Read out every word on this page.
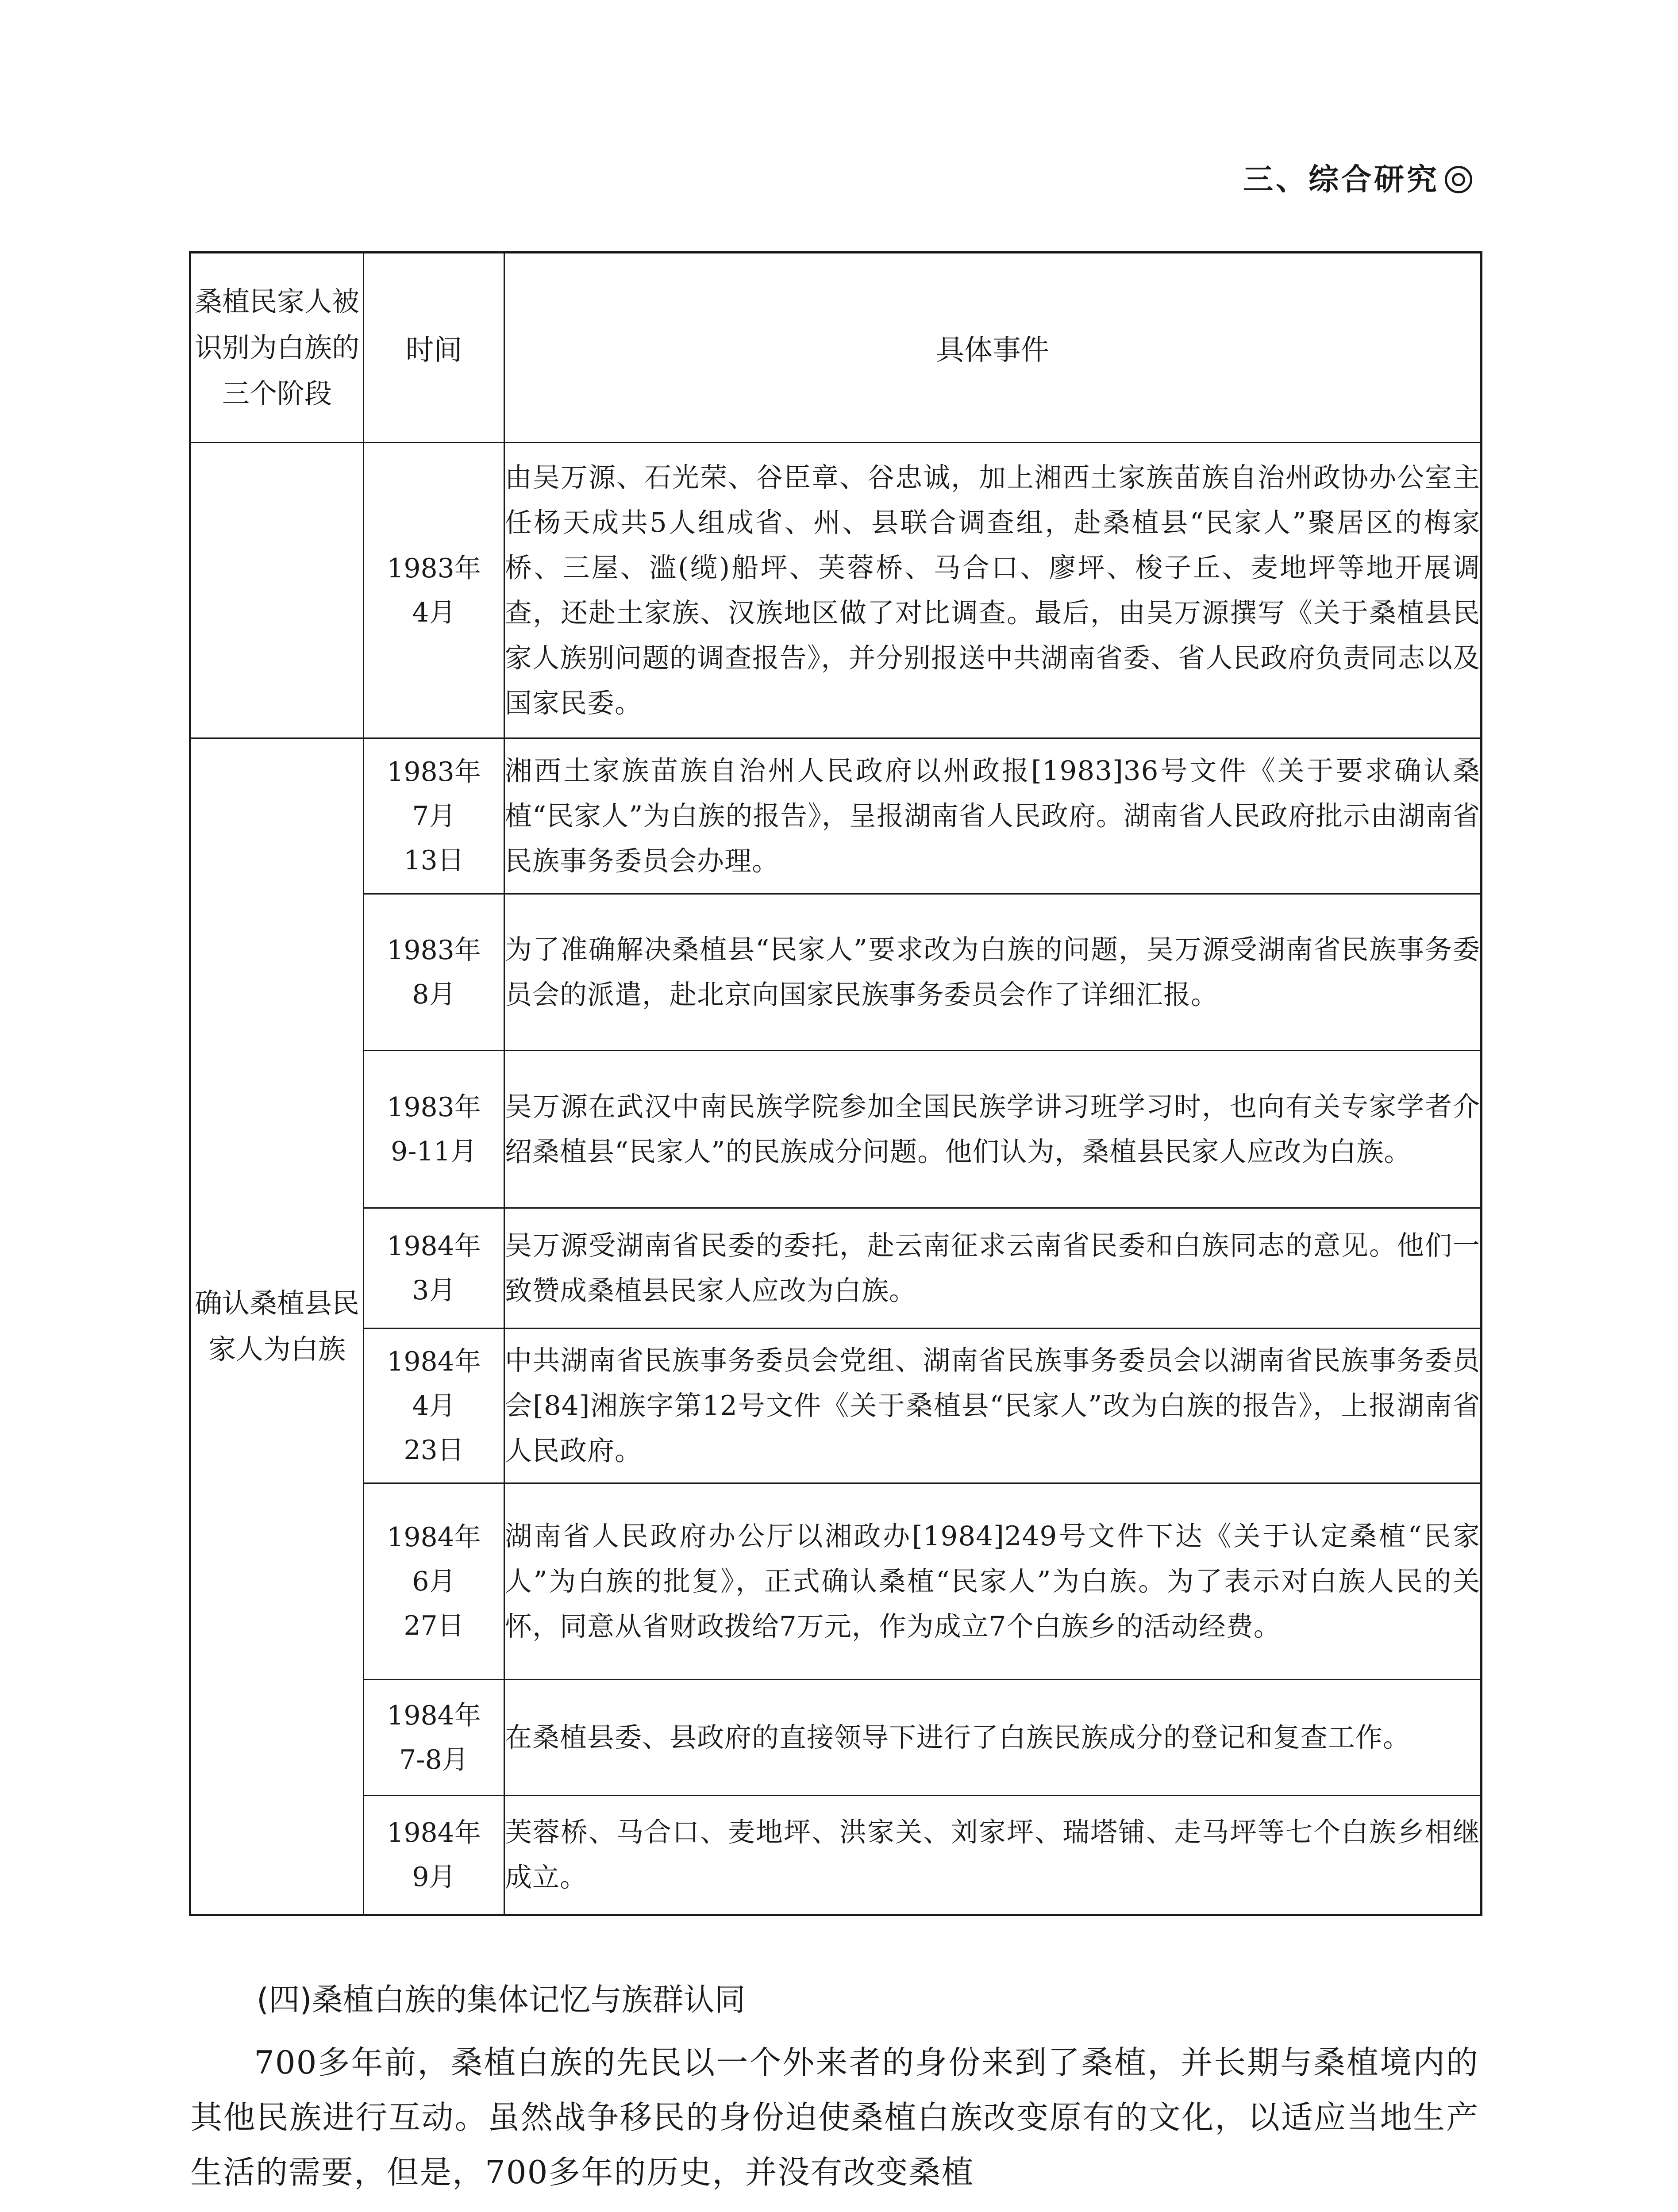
三、综合研究
桑植民家人被识别为白族的三个阶段	时间	具体事件

	1983年
4月	由吴万源、石光荣、谷臣章、谷忠诚，加上湘西土家族苗族自治州政协办公室主任杨天成共5人组成省、州、县联合调查组，赴桑植县“民家人”聚居区的梅家桥、三屋、滥(缆)船坪、芙蓉桥、马合口、廖坪、梭子丘、麦地坪等地开展调查，还赴土家族、汉族地区做了对比调查。最后，由吴万源撰写《关于桑植县民家人族别问题的调查报告》，并分别报送中共湖南省委、省人民政府负责同志以及国家民委。
确认桑植县民家人为白族	1983年
7月
13日	湘西土家族苗族自治州人民政府以州政报[1983]36号文件《关于要求确认桑植“民家人”为白族的报告》，呈报湖南省人民政府。湖南省人民政府批示由湖南省民族事务委员会办理。

	1983年
8月	为了准确解决桑植县“民家人”要求改为白族的问题，吴万源受湖南省民族事务委员会的派遣，赴北京向国家民族事务委员会作了详细汇报。

	1983年
9-11月	吴万源在武汉中南民族学院参加全国民族学讲习班学习时，也向有关专家学者介绍桑植县“民家人”的民族成分问题。他们认为，桑植县民家人应改为白族。

	1984年
3月	吴万源受湖南省民委的委托，赴云南征求云南省民委和白族同志的意见。他们一致赞成桑植县民家人应改为白族。

	1984年
4月
23日	中共湖南省民族事务委员会党组、湖南省民族事务委员会以湖南省民族事务委员会[84]湘族字第12号文件《关于桑植县“民家人”改为白族的报告》，上报湖南省人民政府。

	1984年
6月
27日	湖南省人民政府办公厅以湘政办[1984]249号文件下达《关于认定桑植“民家人”为白族的批复》，正式确认桑植“民家人”为白族。为了表示对白族人民的关怀，同意从省财政拨给7万元，作为成立7个白族乡的活动经费。

	1984年
7-8月	在桑植县委、县政府的直接领导下进行了白族民族成分的登记和复查工作。

	1984年
9月	芙蓉桥、马合口、麦地坪、洪家关、刘家坪、瑞塔铺、走马坪等七个白族乡相继成立。
(四)桑植白族的集体记忆与族群认同

700多年前，桑植白族的先民以一个外来者的身份来到了桑植，并长期与桑植境内的其他民族进行互动。虽然战争移民的身份迫使桑植白族改变原有的文化，以适应当地生产生活的需要，但是，700多年的历史，并没有改变桑植
